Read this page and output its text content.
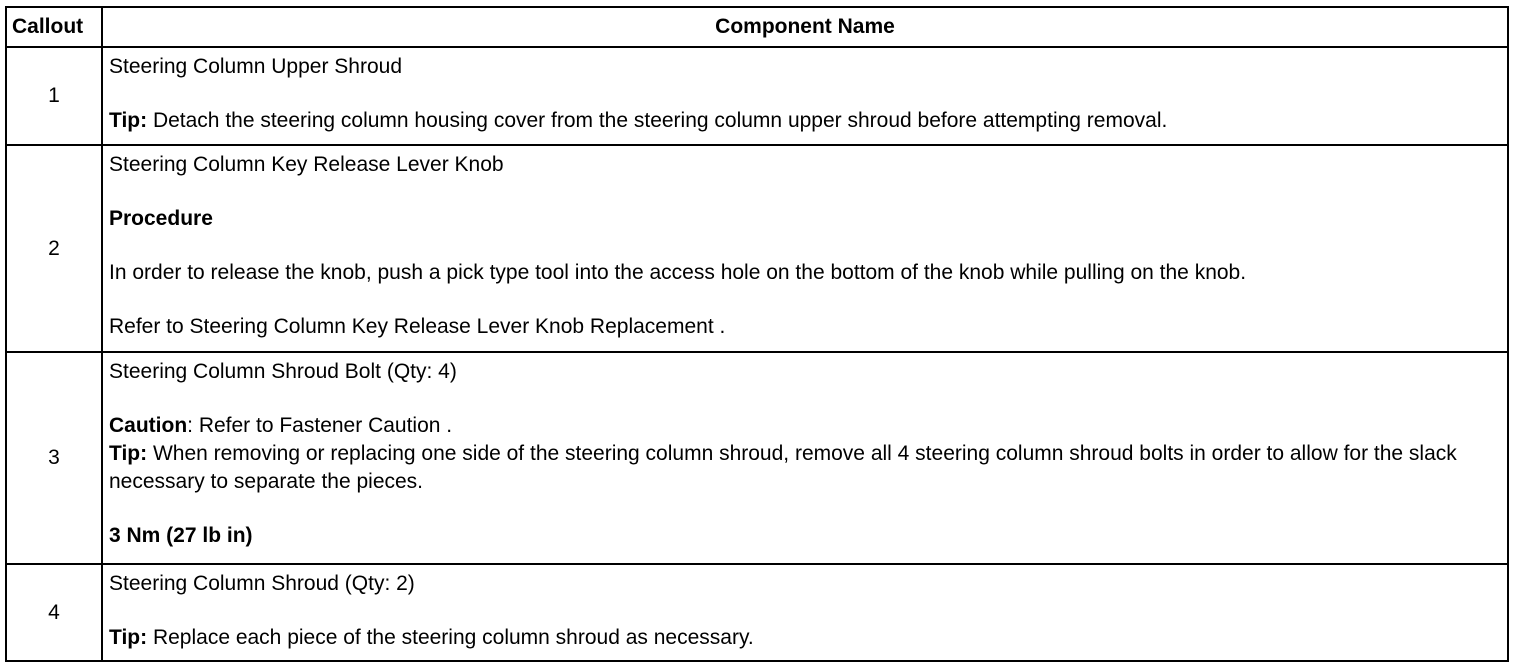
Callout	Component Name
1	Steering Column Upper Shroud
Tip: Detach the steering column housing cover from the steering column upper shroud before attempting removal.

2	Steering Column Key Release Lever Knob
Procedure
In order to release the knob, push a pick type tool into the access hole on the bottom of the knob while pulling on the knob.
Refer to Steering Column Key Release Lever Knob Replacement .

3	Steering Column Shroud Bolt (Qty: 4)
Caution: Refer to Fastener Caution .
Tip: When removing or replacing one side of the steering column shroud, remove all 4 steering column shroud bolts in order to allow for the slack necessary to separate the pieces.
3 Nm (27 lb in)

4	Steering Column Shroud (Qty: 2)
Tip: Replace each piece of the steering column shroud as necessary.
